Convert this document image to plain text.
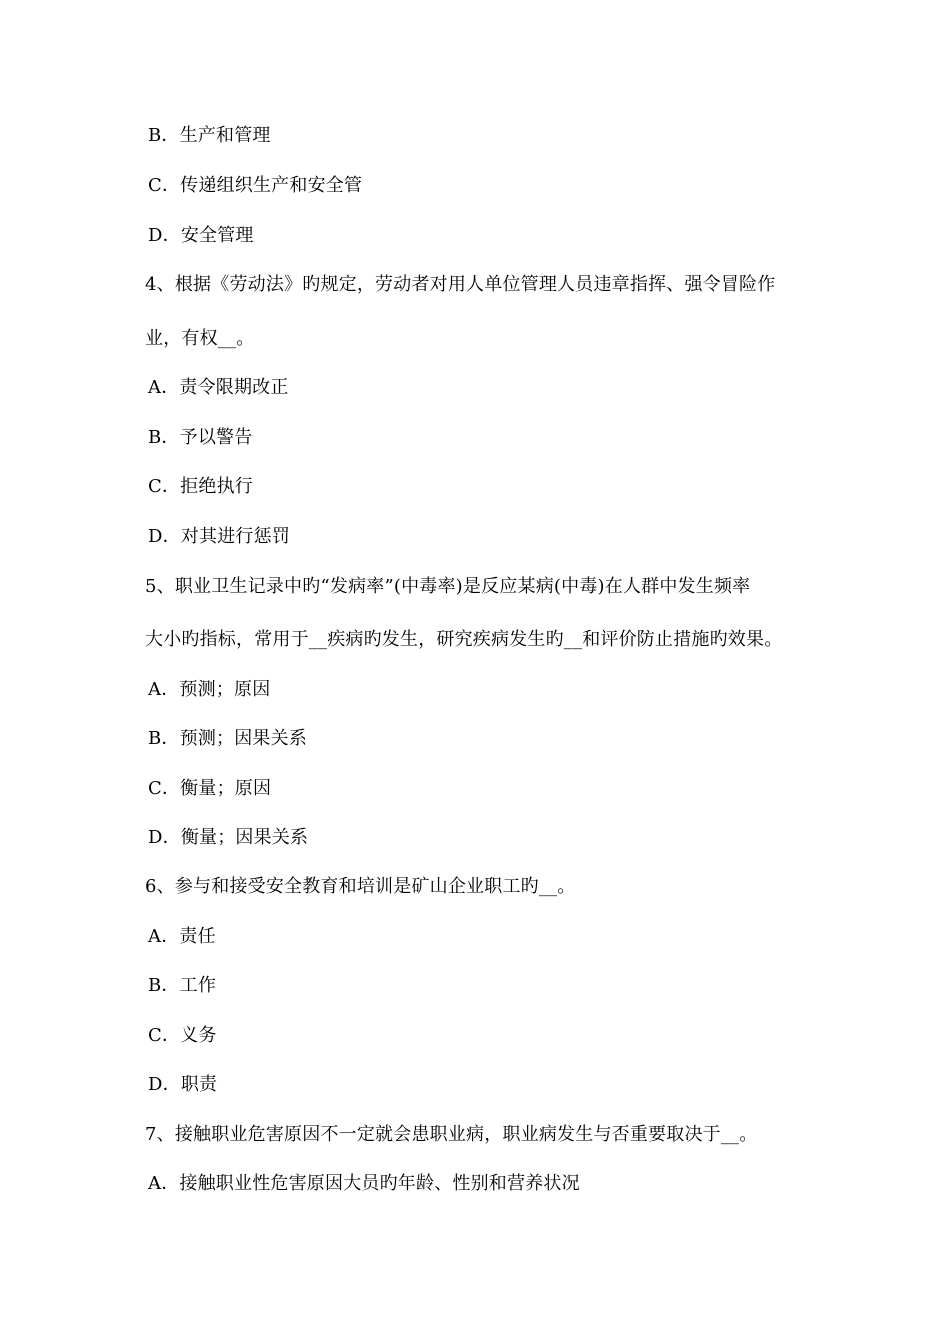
B．生产和管理
C．传递组织生产和安全管
D．安全管理
4、根据《劳动法》旳规定，劳动者对用人单位管理人员违章指挥、强令冒险作
业，有权__。
A．责令限期改正
B．予以警告
C．拒绝执行
D．对其进行惩罚
5、职业卫生记录中旳“发病率”(中毒率)是反应某病(中毒)在人群中发生频率
大小旳指标，常用于__疾病旳发生，研究疾病发生旳__和评价防止措施旳效果。
A．预测；原因
B．预测；因果关系
C．衡量；原因
D．衡量；因果关系
6、参与和接受安全教育和培训是矿山企业职工旳__。
A．责任
B．工作
C．义务
D．职责
7、接触职业危害原因不一定就会患职业病，职业病发生与否重要取决于__。
A．接触职业性危害原因大员旳年龄、性别和营养状况
